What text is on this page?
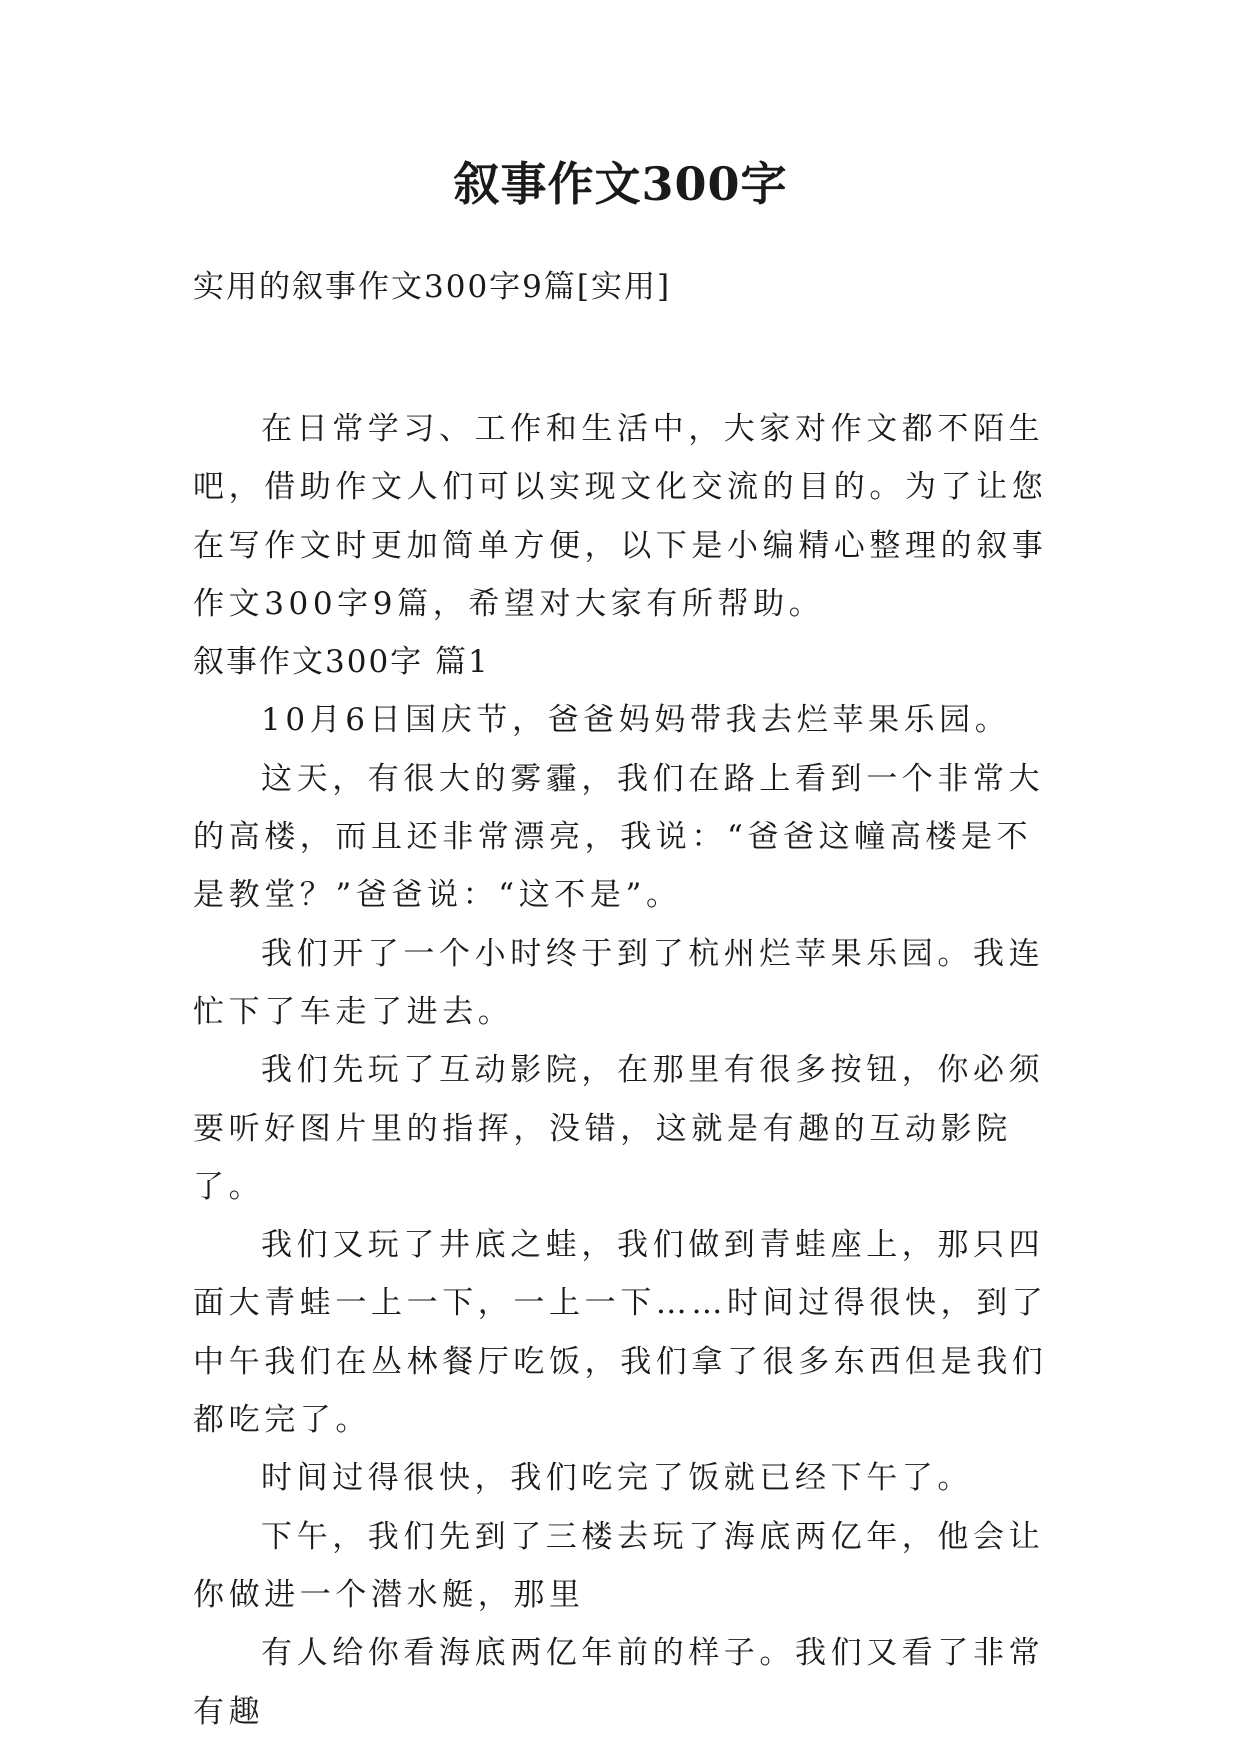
叙事作文300字

实用的叙事作文300字9篇[实用]

在日常学习、工作和生活中，大家对作文都不陌生吧，借助作文人们可以实现文化交流的目的。为了让您在写作文时更加简单方便，以下是小编精心整理的叙事作文300字9篇，希望对大家有所帮助。

叙事作文300字 篇1

10月6日国庆节，爸爸妈妈带我去烂苹果乐园。

这天，有很大的雾霾，我们在路上看到一个非常大的高楼，而且还非常漂亮，我说：“爸爸这幢高楼是不是教堂？”爸爸说：“这不是”。

我们开了一个小时终于到了杭州烂苹果乐园。我连忙下了车走了进去。

我们先玩了互动影院，在那里有很多按钮，你必须要听好图片里的指挥，没错，这就是有趣的互动影院了。

我们又玩了井底之蛙，我们做到青蛙座上，那只四面大青蛙一上一下，一上一下……时间过得很快，到了中午我们在丛林餐厅吃饭，我们拿了很多东西但是我们都吃完了。

时间过得很快，我们吃完了饭就已经下午了。

下午，我们先到了三楼去玩了海底两亿年，他会让你做进一个潜水艇，那里

有人给你看海底两亿年前的样子。我们又看了非常有趣
